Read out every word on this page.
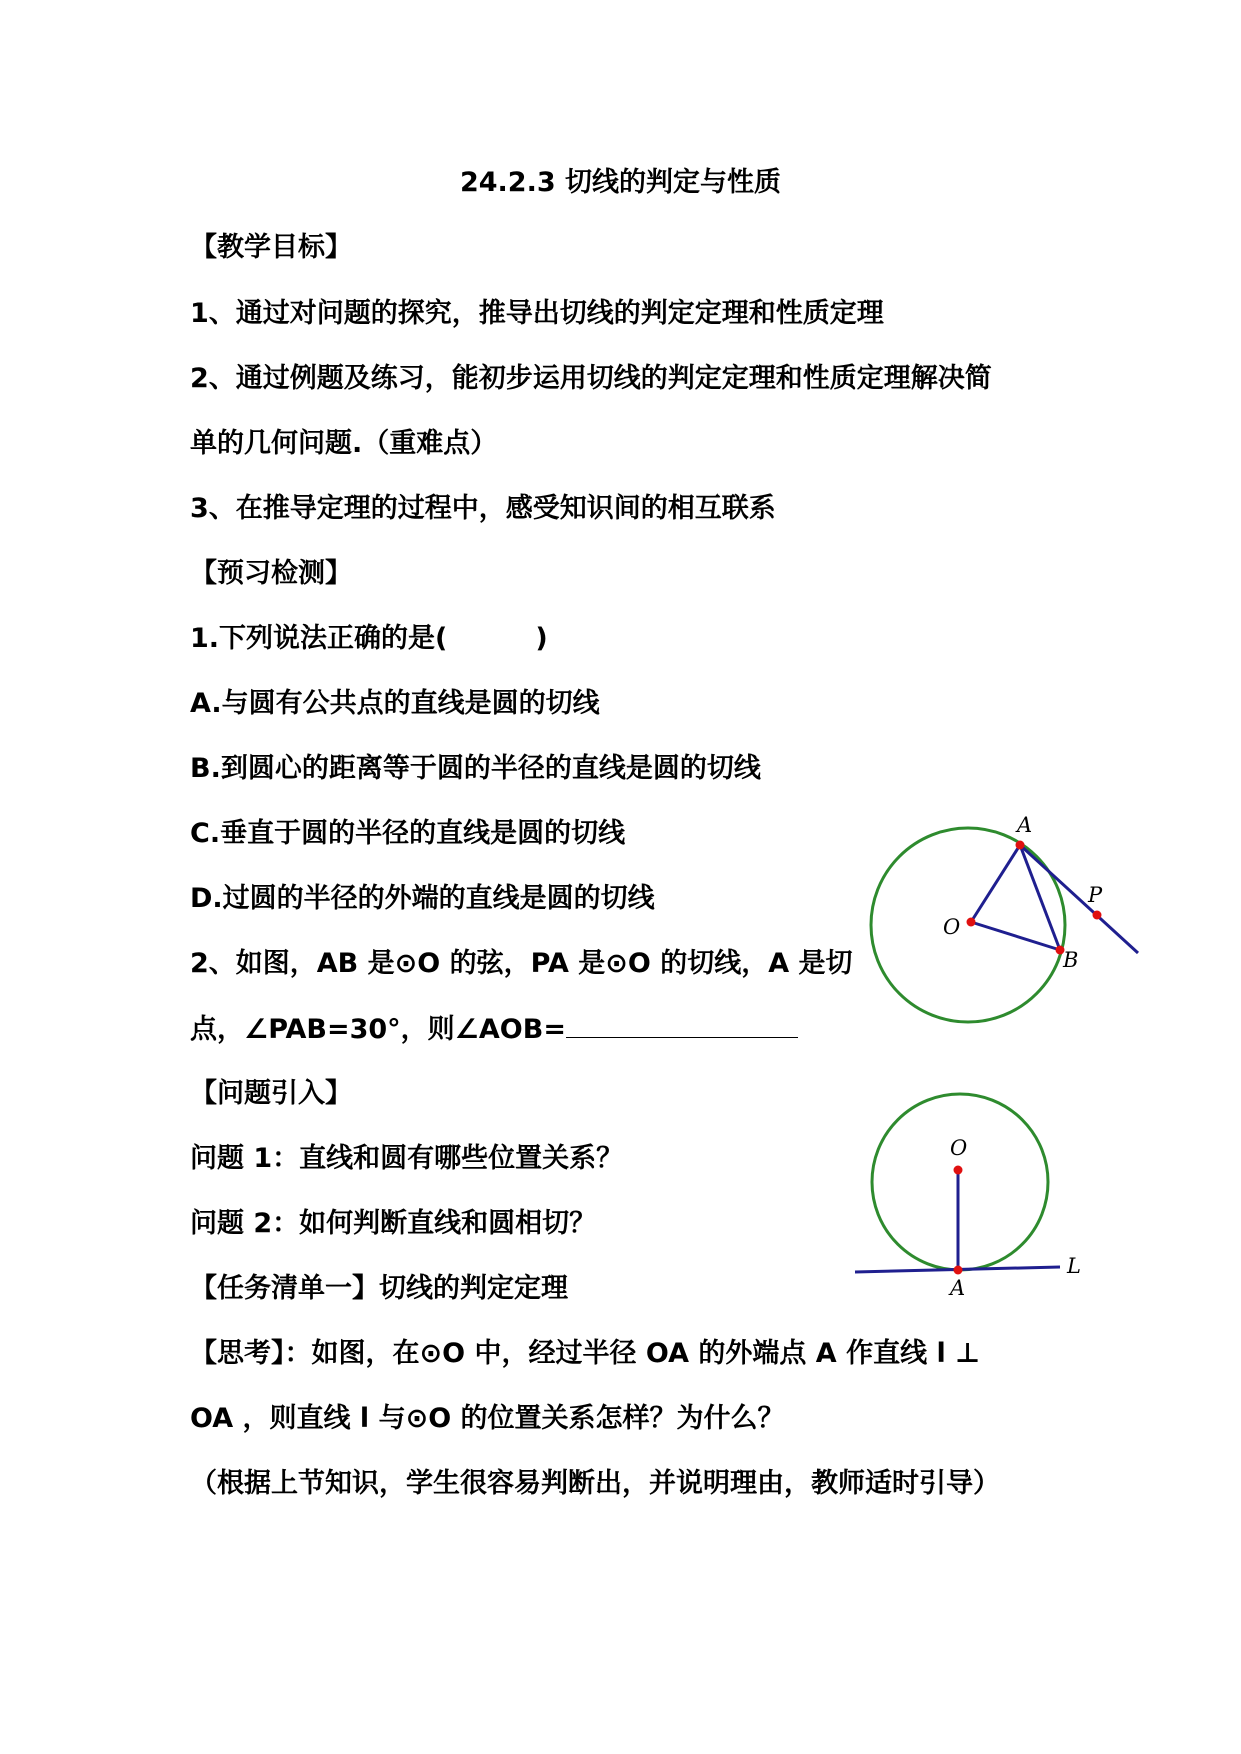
24.2.3 切线的判定与性质
【教学目标】
1、通过对问题的探究，推导出切线的判定定理和性质定理
2、通过例题及练习，能初步运用切线的判定定理和性质定理解决简
单的几何问题.（重难点）
3、在推导定理的过程中，感受知识间的相互联系
【预习检测】
1.下列说法正确的是(	)
A.与圆有公共点的直线是圆的切线
B.到圆心的距离等于圆的半径的直线是圆的切线
C.垂直于圆的半径的直线是圆的切线
D.过圆的半径的外端的直线是圆的切线
2、如图，AB 是⊙O 的弦，PA 是⊙O 的切线，A 是切
点，∠PAB=30°，则∠AOB=
【问题引入】
问题 1：直线和圆有哪些位置关系？
问题 2：如何判断直线和圆相切？
【任务清单一】切线的判定定理
【思考】：如图，在⊙O 中，经过半径 OA 的外端点 A 作直线 l ⊥
OA ，则直线 l 与⊙O 的位置关系怎样？为什么？
（根据上节知识，学生很容易判断出，并说明理由，教师适时引导）
A
P
O
B
O
L
A
